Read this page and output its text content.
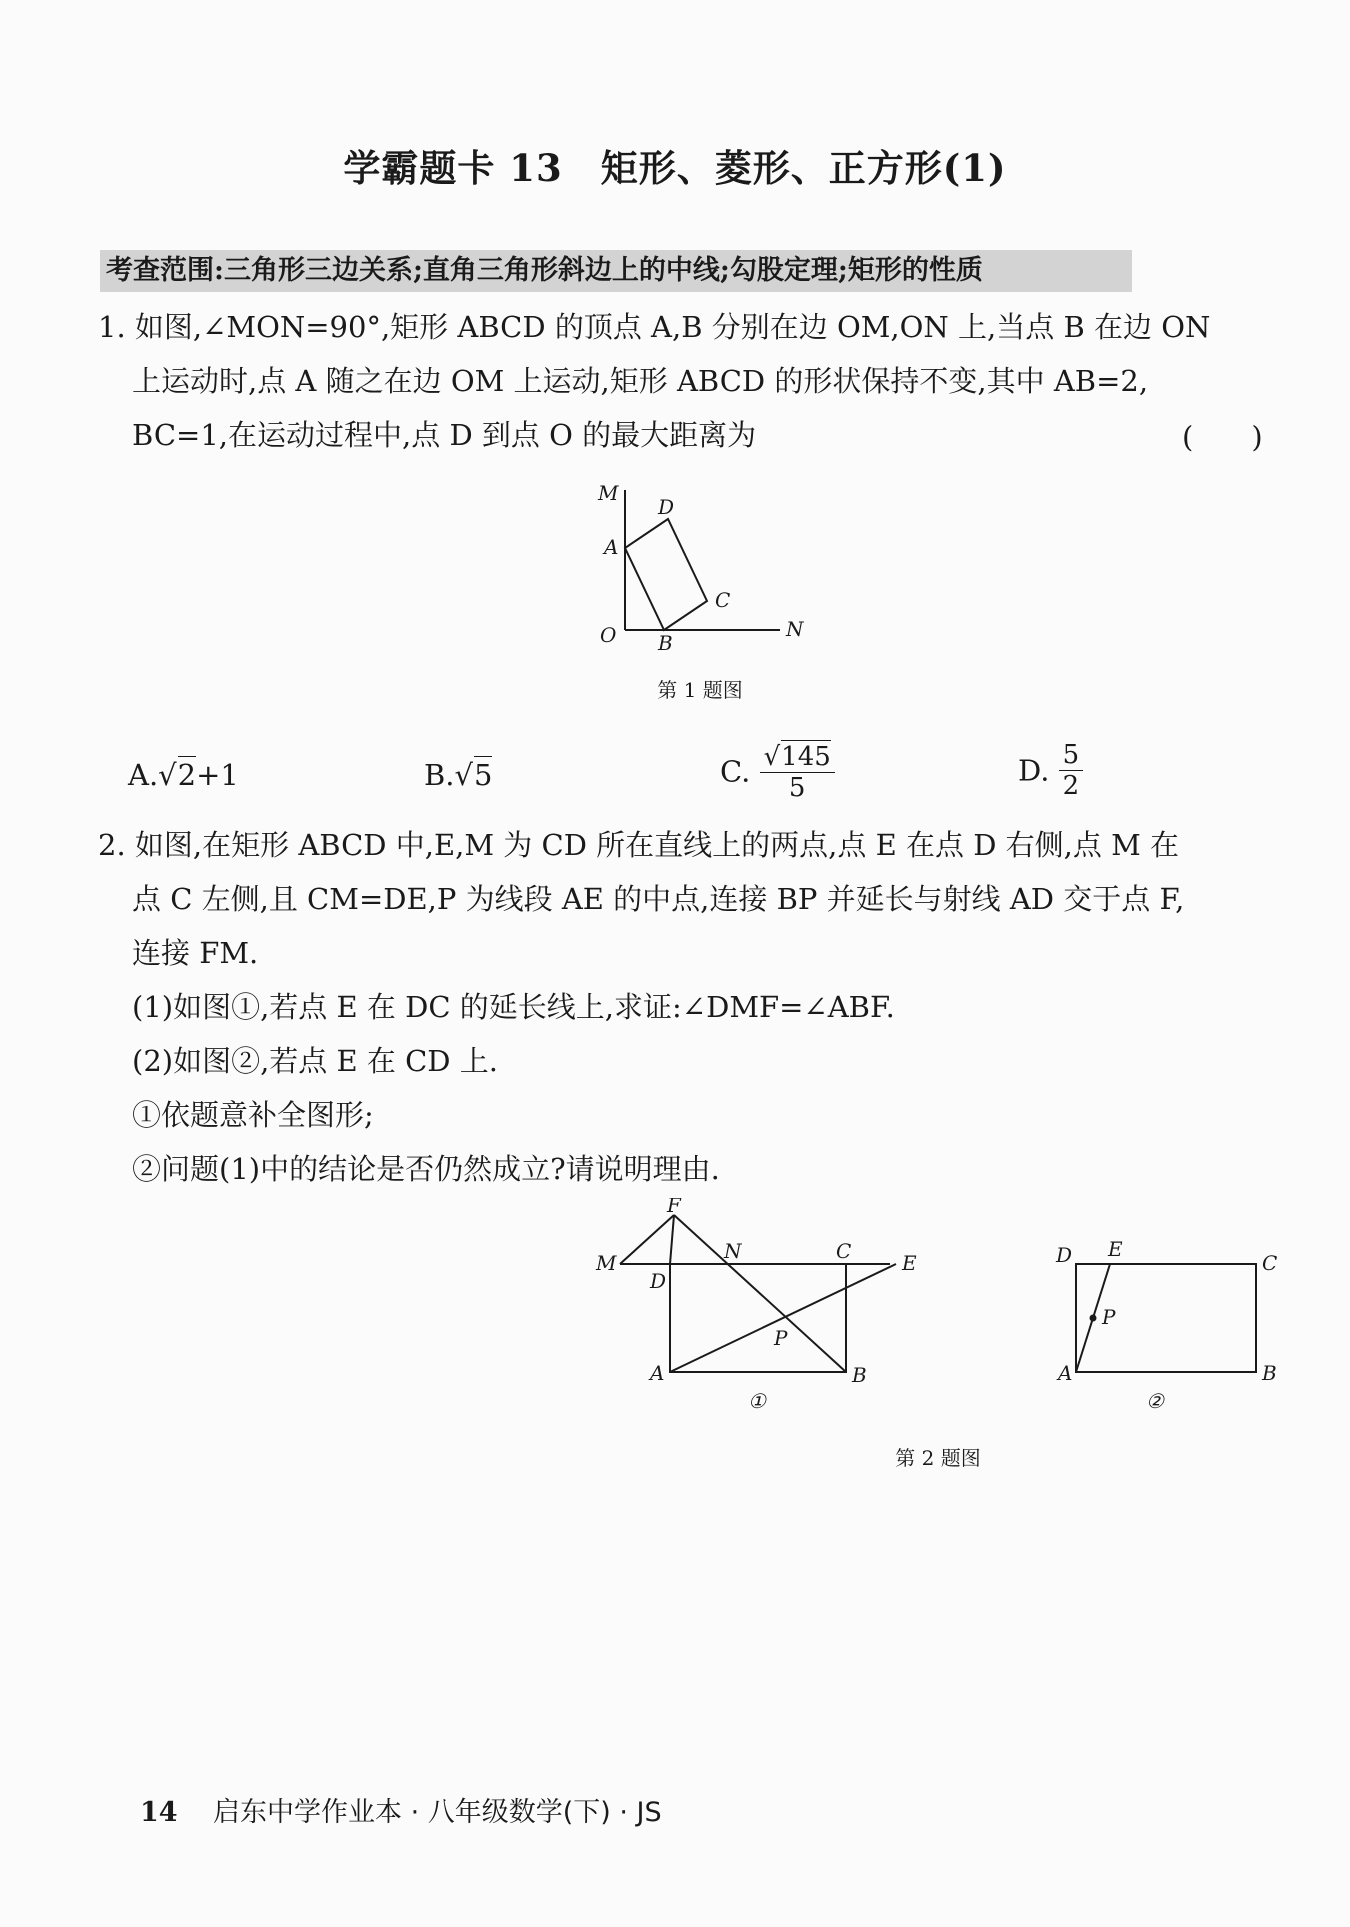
学霸题卡 13　矩形、菱形、正方形(1)
考查范围:三角形三边关系;直角三角形斜边上的中线;勾股定理;矩形的性质
1. 如图,∠MON=90°,矩形 ABCD 的顶点 A,B 分别在边 OM,ON 上,当点 B 在边 ON
上运动时,点 A 随之在边 OM 上运动,矩形 ABCD 的形状保持不变,其中 AB=2,
BC=1,在运动过程中,点 D 到点 O 的最大距离为	(　　)
M
D
A
C
O B
N
第 1 题图
A.√2+1	B.√5	C. $\frac{√145}{5}$	D. $\frac{5}{2}$
2. 如图,在矩形 ABCD 中,E,M 为 CD 所在直线上的两点,点 E 在点 D 右侧,点 M 在
点 C 左侧,且 CM=DE,P 为线段 AE 的中点,连接 BP 并延长与射线 AD 交于点 F,
连接 FM.
(1)如图①,若点 E 在 DC 的延长线上,求证:∠DMF=∠ABF.
(2)如图②,若点 E 在 CD 上.
①依题意补全图形;
②问题(1)中的结论是否仍然成立?请说明理由.
F
M
D
N	C	E
P
A	B
①
D E
C
P
A	B
②
第 2 题图
14 启东中学作业本 · 八年级数学(下) · JS
